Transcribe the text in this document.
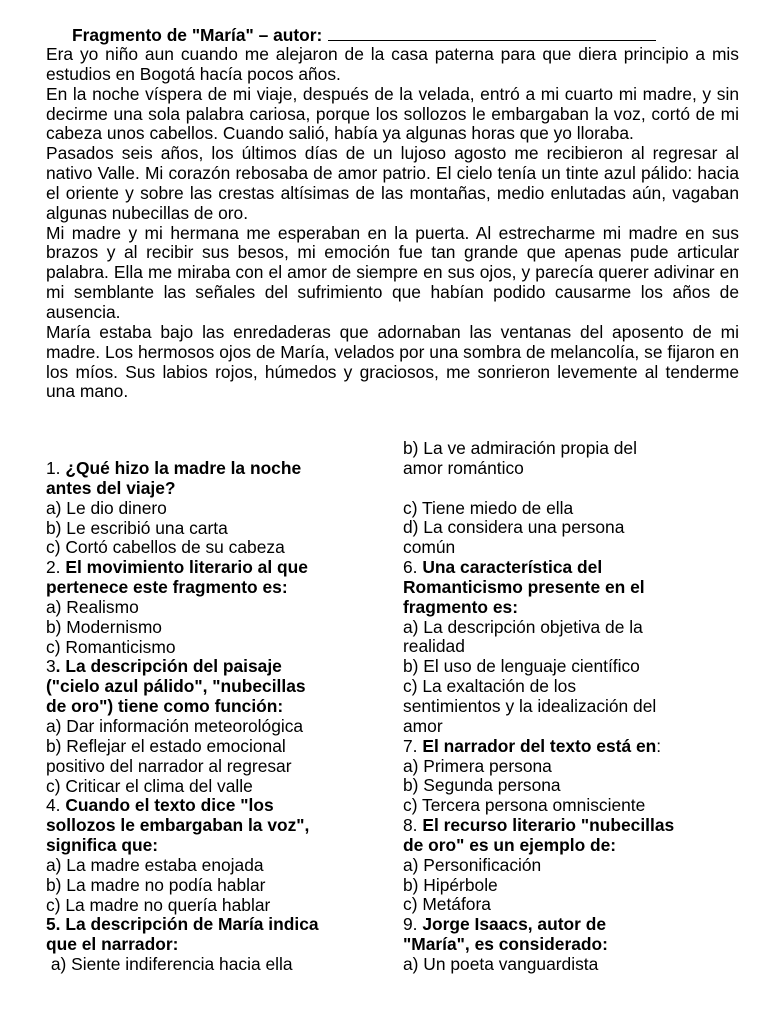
Fragmento de "María" – autor:

Era yo niño aun cuando me alejaron de la casa paterna para que diera principio a mis estudios en Bogotá hacía pocos años.

En la noche víspera de mi viaje, después de la velada, entró a mi cuarto mi madre, y sin decirme una sola palabra cariosa, porque los sollozos le embargaban la voz, cortó de mi cabeza unos cabellos. Cuando salió, había ya algunas horas que yo lloraba.

Pasados seis años, los últimos días de un lujoso agosto me recibieron al regresar al nativo Valle. Mi corazón rebosaba de amor patrio. El cielo tenía un tinte azul pálido: hacia el oriente y sobre las crestas altísimas de las montañas, medio enlutadas aún, vagaban algunas nubecillas de oro.

Mi madre y mi hermana me esperaban en la puerta. Al estrecharme mi madre en sus brazos y al recibir sus besos, mi emoción fue tan grande que apenas pude articular palabra. Ella me miraba con el amor de siempre en sus ojos, y parecía querer adivinar en mi semblante las señales del sufrimiento que habían podido causarme los años de ausencia.

María estaba bajo las enredaderas que adornaban las ventanas del aposento de mi madre. Los hermosos ojos de María, velados por una sombra de melancolía, se fijaron en los míos. Sus labios rojos, húmedos y graciosos, me sonrieron levemente al tenderme una mano.

1. ¿Qué hizo la madre la noche
antes del viaje?
a) Le dio dinero
b) Le escribió una carta
c) Cortó cabellos de su cabeza
2. El movimiento literario al que
pertenece este fragmento es:
a) Realismo
b) Modernismo
c) Romanticismo
3. La descripción del paisaje
("cielo azul pálido", "nubecillas
de oro") tiene como función:
a) Dar información meteorológica
b) Reflejar el estado emocional
positivo del narrador al regresar
c) Criticar el clima del valle
4. Cuando el texto dice "los
sollozos le embargaban la voz",
significa que:
a) La madre estaba enojada
b) La madre no podía hablar
c) La madre no quería hablar
5. La descripción de María indica
que el narrador:
a) Siente indiferencia hacia ella
b) La ve admiración propia del
amor romántico
c) Tiene miedo de ella
d) La considera una persona
común
6. Una característica del
Romanticismo presente en el
fragmento es:
a) La descripción objetiva de la
realidad
b) El uso de lenguaje científico
c) La exaltación de los
sentimientos y la idealización del
amor
7. El narrador del texto está en:
a) Primera persona
b) Segunda persona
c) Tercera persona omnisciente
8. El recurso literario "nubecillas
de oro" es un ejemplo de:
a) Personificación
b) Hipérbole
c) Metáfora
9. Jorge Isaacs, autor de
"María", es considerado:
a) Un poeta vanguardista
